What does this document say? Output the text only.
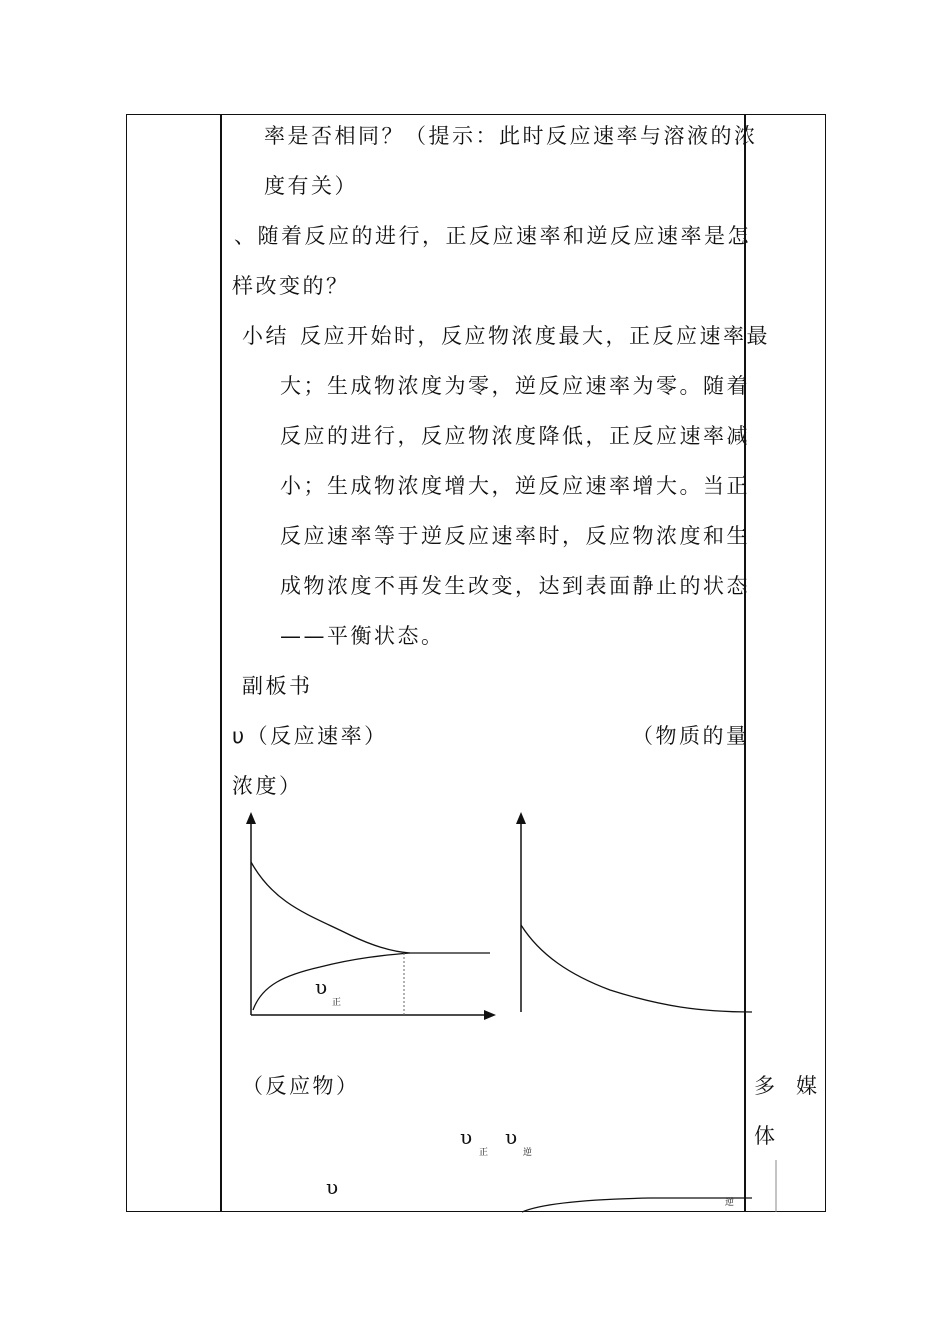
率是否相同？（提示：此时反应速率与溶液的浓
度有关）
、随着反应的进行，正反应速率和逆反应速率是怎
样改变的？
小结 反应开始时，反应物浓度最大，正反应速率最
大；生成物浓度为零，逆反应速率为零。随着
反应的进行，反应物浓度降低，正反应速率减
小；生成物浓度增大，逆反应速率增大。当正
反应速率等于逆反应速率时，反应物浓度和生
成物浓度不再发生改变，达到表面静止的状态
——平衡状态。
副板书
υ（反应速率）	（物质的量
浓度）
υ
正
（反应物）
υ
正
υ
逆
υ
逆
多 媒
体
